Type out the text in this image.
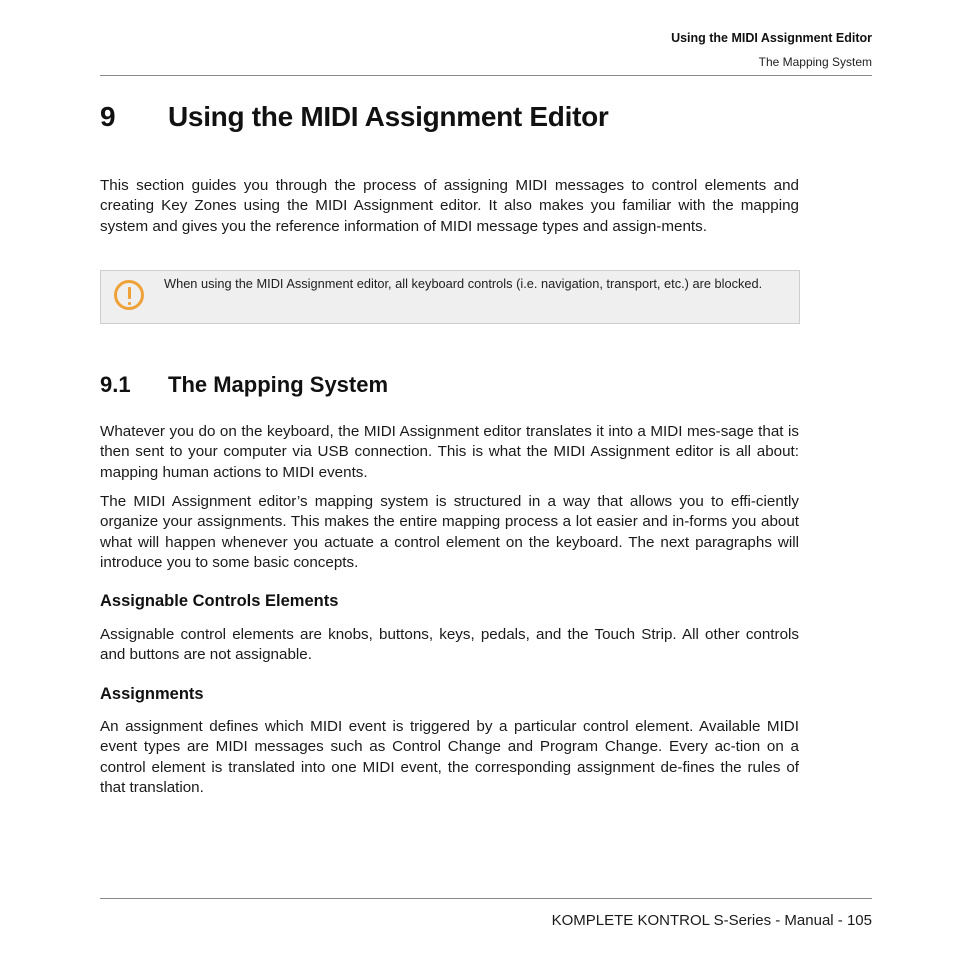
Using the MIDI Assignment Editor
The Mapping System
9 Using the MIDI Assignment Editor

This section guides you through the process of assigning MIDI messages to control elements and creating Key Zones using the MIDI Assignment editor. It also makes you familiar with the mapping system and gives you the reference information of MIDI message types and assign-ments.

When using the MIDI Assignment editor, all keyboard controls (i.e. navigation, transport, etc.) are blocked.

9.1 The Mapping System

Whatever you do on the keyboard, the MIDI Assignment editor translates it into a MIDI mes-sage that is then sent to your computer via USB connection. This is what the MIDI Assignment editor is all about: mapping human actions to MIDI events.

The MIDI Assignment editor’s mapping system is structured in a way that allows you to effi-ciently organize your assignments. This makes the entire mapping process a lot easier and in-forms you about what will happen whenever you actuate a control element on the keyboard. The next paragraphs will introduce you to some basic concepts.

Assignable Controls Elements

Assignable control elements are knobs, buttons, keys, pedals, and the Touch Strip. All other controls and buttons are not assignable.

Assignments

An assignment defines which MIDI event is triggered by a particular control element. Available MIDI event types are MIDI messages such as Control Change and Program Change. Every ac-tion on a control element is translated into one MIDI event, the corresponding assignment de-fines the rules of that translation.

KOMPLETE KONTROL S-Series - Manual - 105
